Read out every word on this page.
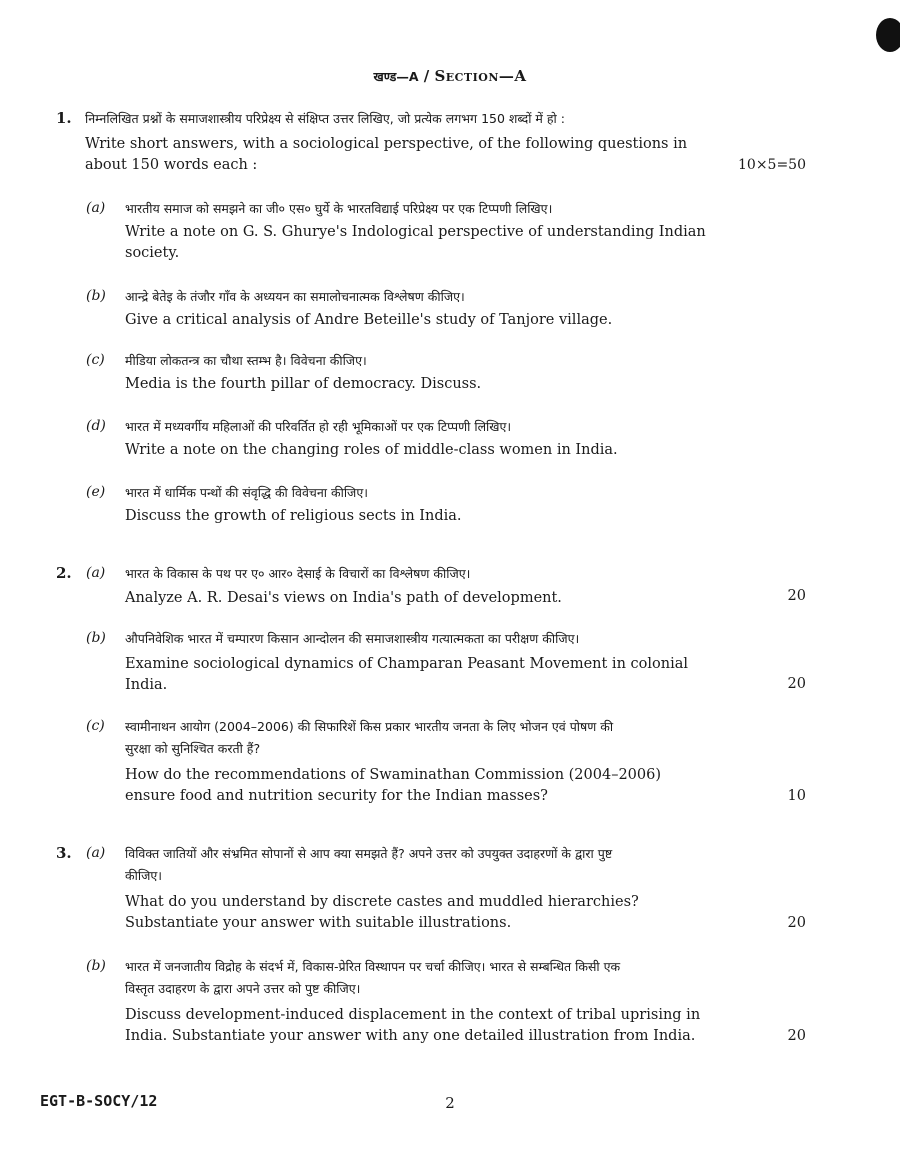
खण्ड—A / Section—A
1. निम्नलिखित प्रश्नों के समाजशास्त्रीय परिप्रेक्ष्य से संक्षिप्त उत्तर लिखिए, जो प्रत्येक लगभग 150 शब्दों में हो :
Write short answers, with a sociological perspective, of the following questions in
about 150 words each :	10×5=50
(a) भारतीय समाज को समझने का जी० एस० घुर्ये के भारतविद्याई परिप्रेक्ष्य पर एक टिप्पणी लिखिए।
Write a note on G. S. Ghurye's Indological perspective of understanding Indian
society.
(b) आन्द्रे बेतेइ के तंजौर गाँव के अध्ययन का समालोचनात्मक विश्लेषण कीजिए।
Give a critical analysis of Andre Beteille's study of Tanjore village.
(c) मीडिया लोकतन्त्र का चौथा स्तम्भ है। विवेचना कीजिए।
Media is the fourth pillar of democracy. Discuss.
(d) भारत में मध्यवर्गीय महिलाओं की परिवर्तित हो रही भूमिकाओं पर एक टिप्पणी लिखिए।
Write a note on the changing roles of middle-class women in India.
(e) भारत में धार्मिक पन्थों की संवृद्धि की विवेचना कीजिए।
Discuss the growth of religious sects in India.
2. (a) भारत के विकास के पथ पर ए० आर० देसाई के विचारों का विश्लेषण कीजिए।
Analyze A. R. Desai's views on India's path of development.	20
(b) औपनिवेशिक भारत में चम्पारण किसान आन्दोलन की समाजशास्त्रीय गत्यात्मकता का परीक्षण कीजिए।
Examine sociological dynamics of Champaran Peasant Movement in colonial
India.	20
(c) स्वामीनाथन आयोग (2004–2006) की सिफारिशें किस प्रकार भारतीय जनता के लिए भोजन एवं पोषण की
सुरक्षा को सुनिश्चित करती हैं?
How do the recommendations of Swaminathan Commission (2004–2006)
ensure food and nutrition security for the Indian masses?	10
3. (a) विविक्त जातियों और संभ्रमित सोपानों से आप क्या समझते हैं? अपने उत्तर को उपयुक्त उदाहरणों के द्वारा पुष्ट
कीजिए।
What do you understand by discrete castes and muddled hierarchies?
Substantiate your answer with suitable illustrations.	20
(b) भारत में जनजातीय विद्रोह के संदर्भ में, विकास-प्रेरित विस्थापन पर चर्चा कीजिए। भारत से सम्बन्धित किसी एक
विस्तृत उदाहरण के द्वारा अपने उत्तर को पुष्ट कीजिए।
Discuss development-induced displacement in the context of tribal uprising in
India. Substantiate your answer with any one detailed illustration from India.	20
EGT-B-SOCY/12	2
